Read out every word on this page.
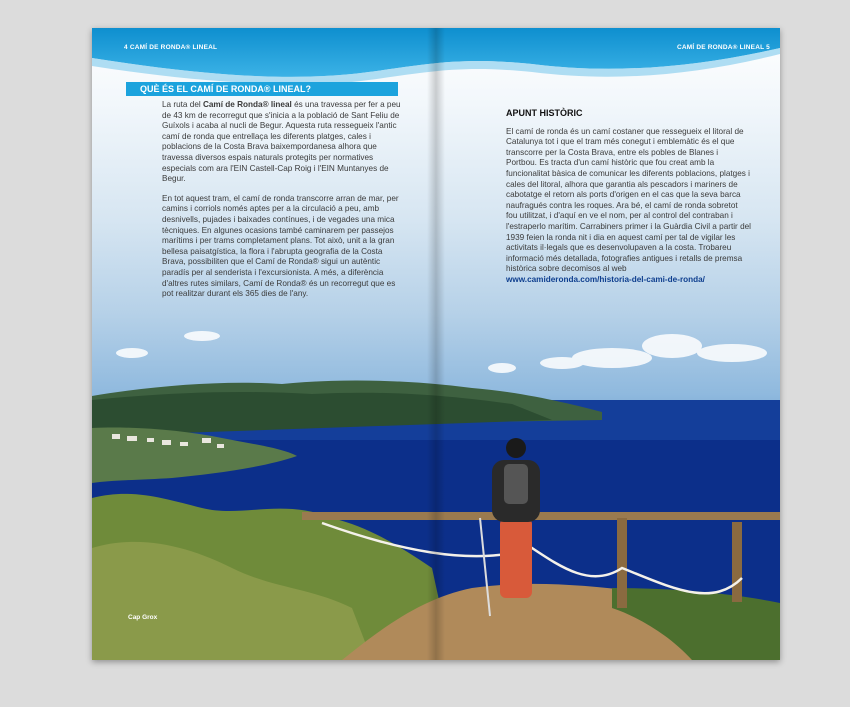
4 CAMÍ DE RONDA® LINEAL	CAMÍ DE RONDA® LINEAL 5
QUÈ ÉS EL CAMÍ DE RONDA® LINEAL?

La ruta del Camí de Ronda® lineal és una travessa per fer a peu de 43 km de recorregut que s'inicia a la població de Sant Feliu de Guíxols i acaba al nucli de Begur. Aquesta ruta ressegueix l'antic camí de ronda que entrellaça les diferents platges, cales i poblacions de la Costa Brava baixempordanesa alhora que travessa diversos espais naturals protegits per normatives especials com ara l'EIN Castell-Cap Roig i l'EIN Muntanyes de Begur.

En tot aquest tram, el camí de ronda transcorre arran de mar, per camins i corriols només aptes per a la circulació a peu, amb desnivells, pujades i baixades contínues, i de vegades una mica tècniques. En algunes ocasions també caminarem per passejos marítims i per trams completament plans. Tot això, unit a la gran bellesa paisatgística, la flora i l'abrupta geografia de la Costa Brava, possibiliten que el Camí de Ronda® sigui un autèntic paradís per al senderista i l'excursionista. A més, a diferència d'altres rutes similars, Camí de Ronda® és un recorregut que es pot realitzar durant els 365 dies de l'any.

APUNT HISTÒRIC
El camí de ronda és un camí costaner que ressegueix el litoral de Catalunya tot i que el tram més conegut i emblemàtic és el que transcorre per la Costa Brava, entre els pobles de Blanes i Portbou. Es tracta d'un camí històric que fou creat amb la funcionalitat bàsica de comunicar les diferents poblacions, platges i cales del litoral, alhora que garantia als pescadors i mariners de cabotatge el retorn als ports d'origen en el cas que la seva barca naufragués contra les roques. Ara bé, el camí de ronda sobretot fou utilitzat, i d'aquí en ve el nom, per al control del contraban i l'estraperlo marítim. Carrabiners primer i la Guàrdia Civil a partir del 1939 feien la ronda nit i dia en aquest camí per tal de vigilar les activitats il·legals que es desenvolupaven a la costa. Trobareu informació més detallada, fotografies antigues i retalls de premsa històrica sobre decomisos al web
www.camideronda.com/historia-del-cami-de-ronda/
Cap Grox
